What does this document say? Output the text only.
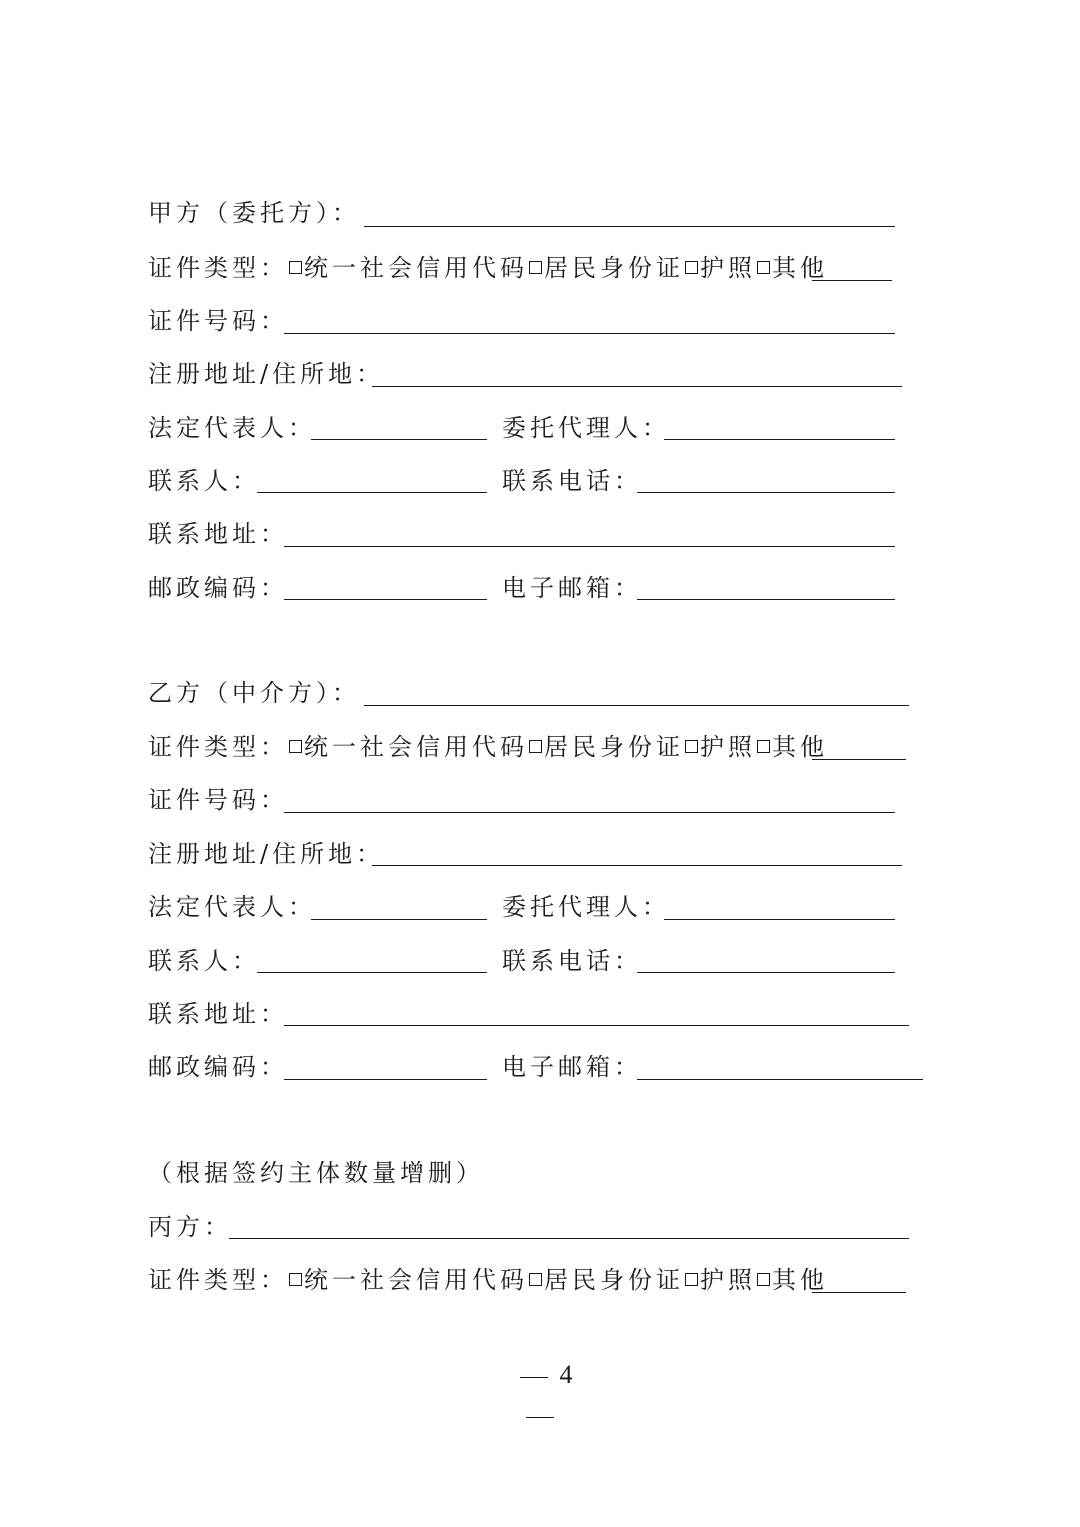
甲方（委托方）：
证件类型： 统一社会信用代码 居民身份证 护照 其他
证件号码：
注册地址/住所地：
法定代表人：	委托代理人：
联系人：	联系电话：
联系地址：
邮政编码：	电子邮箱：
乙方（中介方）：
证件类型： 统一社会信用代码 居民身份证 护照 其他
证件号码：
注册地址/住所地：
法定代表人：	委托代理人：
联系人：	联系电话：
联系地址：
邮政编码：	电子邮箱：
（根据签约主体数量增删）
丙方：
证件类型： 统一社会信用代码 居民身份证 护照 其他
4
